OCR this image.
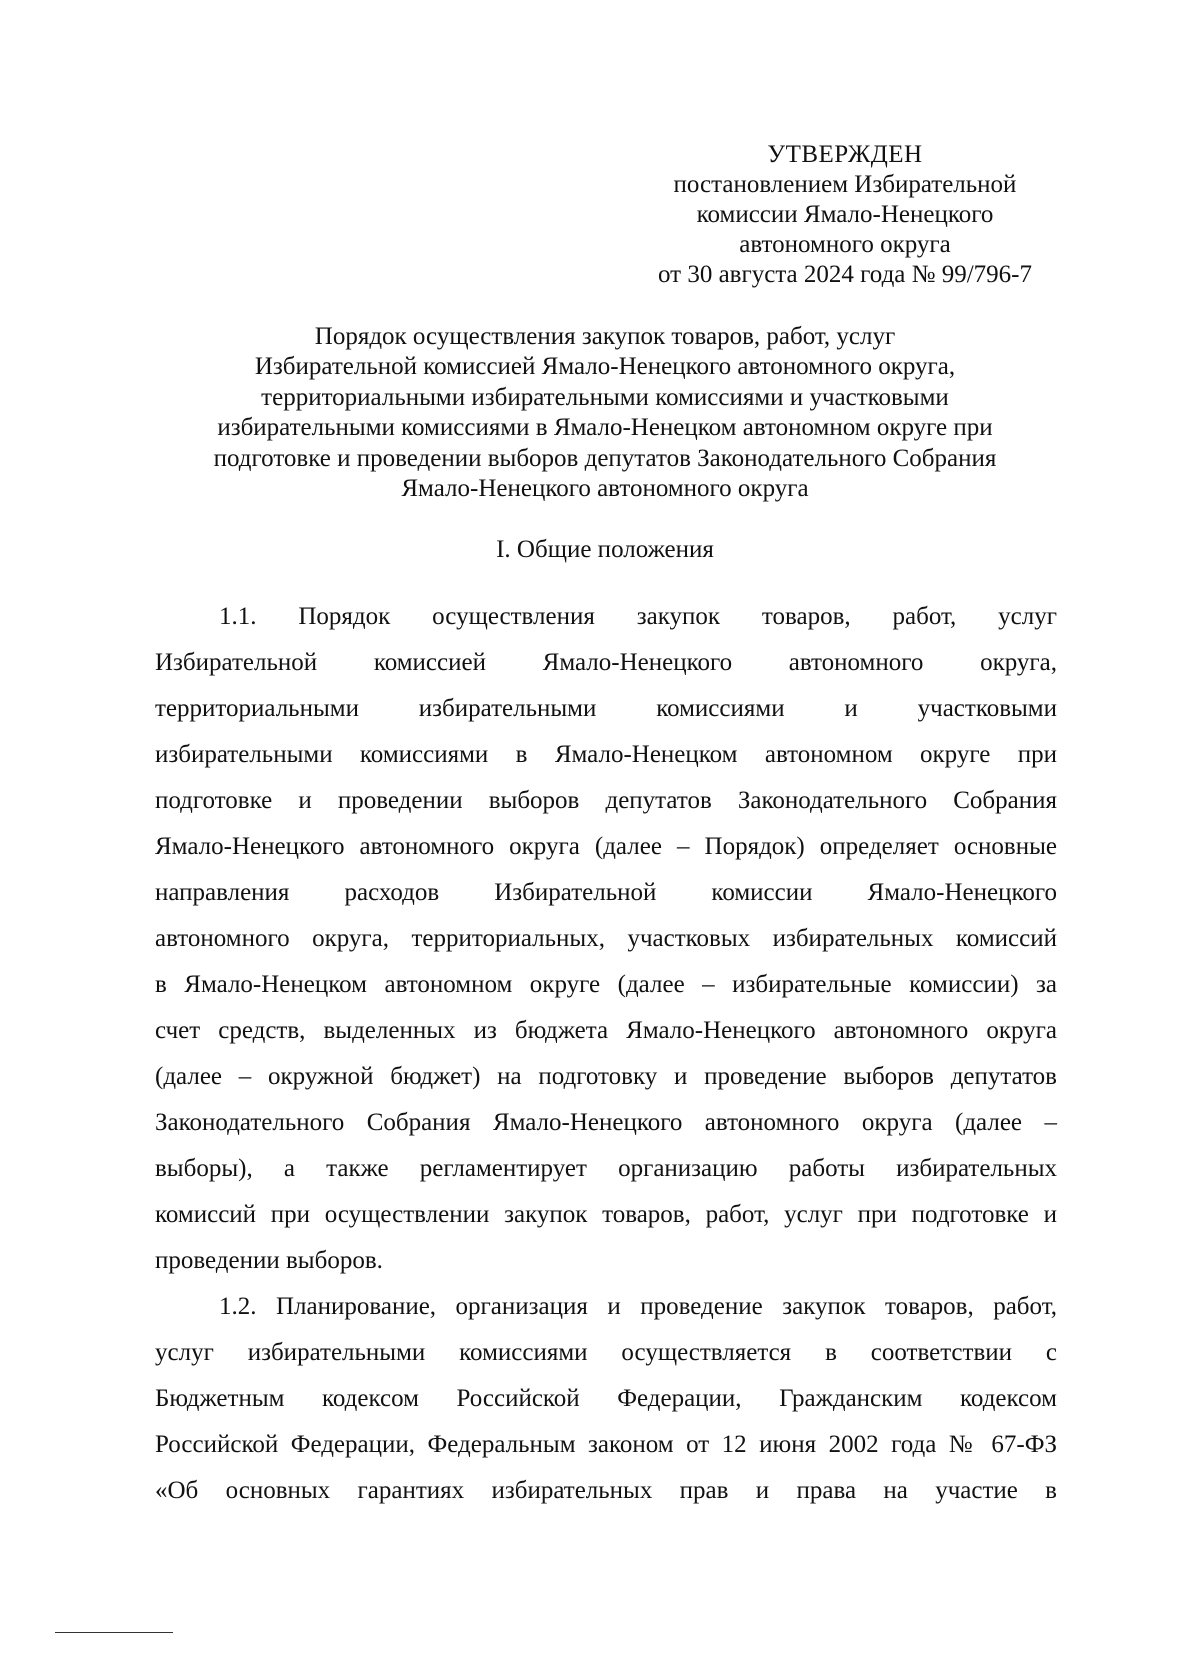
УТВЕРЖДЕН
постановлением Избирательной
комиссии Ямало-Ненецкого
автономного округа
от 30 августа 2024 года № 99/796-7
Порядок осуществления закупок товаров, работ, услуг
Избирательной комиссией Ямало-Ненецкого автономного округа,
территориальными избирательными комиссиями и участковыми
избирательными комиссиями в Ямало-Ненецком автономном округе при
подготовке и проведении выборов депутатов Законодательного Собрания
Ямало-Ненецкого автономного округа
I. Общие положения
1.1. Порядок осуществления закупок товаров, работ, услуг
Избирательной комиссией Ямало-Ненецкого автономного округа,
территориальными избирательными комиссиями и участковыми
избирательными комиссиями в Ямало-Ненецком автономном округе при
подготовке и проведении выборов депутатов Законодательного Собрания
Ямало-Ненецкого автономного округа (далее – Порядок) определяет основные
направления расходов Избирательной комиссии Ямало-Ненецкого
автономного округа, территориальных, участковых избирательных комиссий
в Ямало-Ненецком автономном округе (далее – избирательные комиссии) за
счет средств, выделенных из бюджета Ямало-Ненецкого автономного округа
(далее – окружной бюджет) на подготовку и проведение выборов депутатов
Законодательного Собрания Ямало-Ненецкого автономного округа (далее –
выборы), а также регламентирует организацию работы избирательных
комиссий при осуществлении закупок товаров, работ, услуг при подготовке и
проведении выборов.
1.2. Планирование, организация и проведение закупок товаров, работ,
услуг избирательными комиссиями осуществляется в соответствии с
Бюджетным кодексом Российской Федерации, Гражданским кодексом
Российской Федерации, Федеральным законом от 12 июня 2002 года № 67-ФЗ
«Об основных гарантиях избирательных прав и права на участие в
